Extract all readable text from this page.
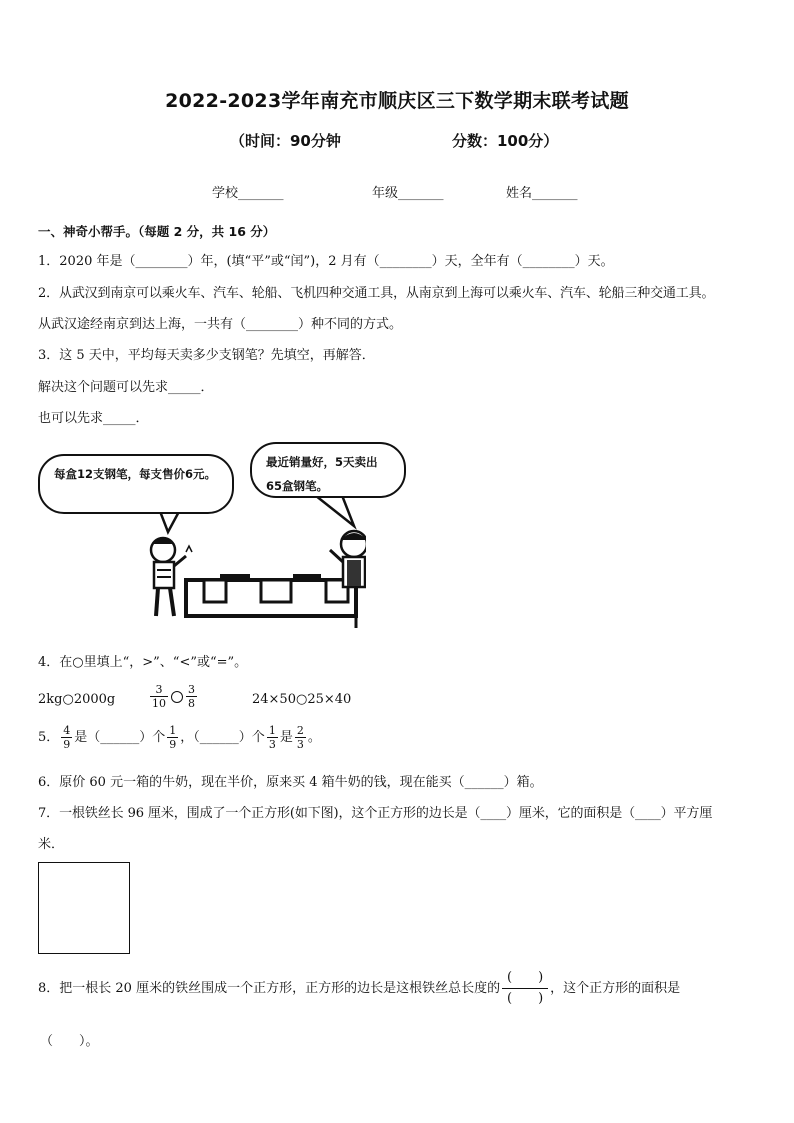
2022-2023学年南充市顺庆区三下数学期末联考试题
（时间：90分钟	分数：100分）
学校_______	年级_______	姓名_______
一、神奇小帮手。（每题 2 分，共 16 分）
1．2020 年是（________）年，(填“平”或“闰”)，2 月有（________）天，全年有（________）天。
2．从武汉到南京可以乘火车、汽车、轮船、飞机四种交通工具，从南京到上海可以乘火车、汽车、轮船三种交通工具。
从武汉途经南京到达上海，一共有（________）种不同的方式。
3．这 5 天中，平均每天卖多少支钢笔？先填空，再解答．
解决这个问题可以先求_____．
也可以先求_____．
每盒12支钢笔，每支售价6元。
最近销量好，5天卖出65盒钢笔。
4．在○里填上“，>”、“<”或“=”。
2kg○2000g	$\frac{3}{10} \frac{3}{8}$	24×50○25×40
5． $\frac{4}{9}$ 是（______）个 $\frac{1}{9}$ ，（______）个 $\frac{1}{3}$ 是 $\frac{2}{3}$ 。
6．原价 60 元一箱的牛奶，现在半价，原来买 4 箱牛奶的钱，现在能买（______）箱。
7．一根铁丝长 96 厘米，围成了一个正方形(如下图)，这个正方形的边长是（____）厘米，它的面积是（____）平方厘
米．
8．把一根长 20 厘米的铁丝围成一个正方形，正方形的边长是这根铁丝总长度的 $\frac{( )}{( )}$ ，这个正方形的面积是
（　　）。
